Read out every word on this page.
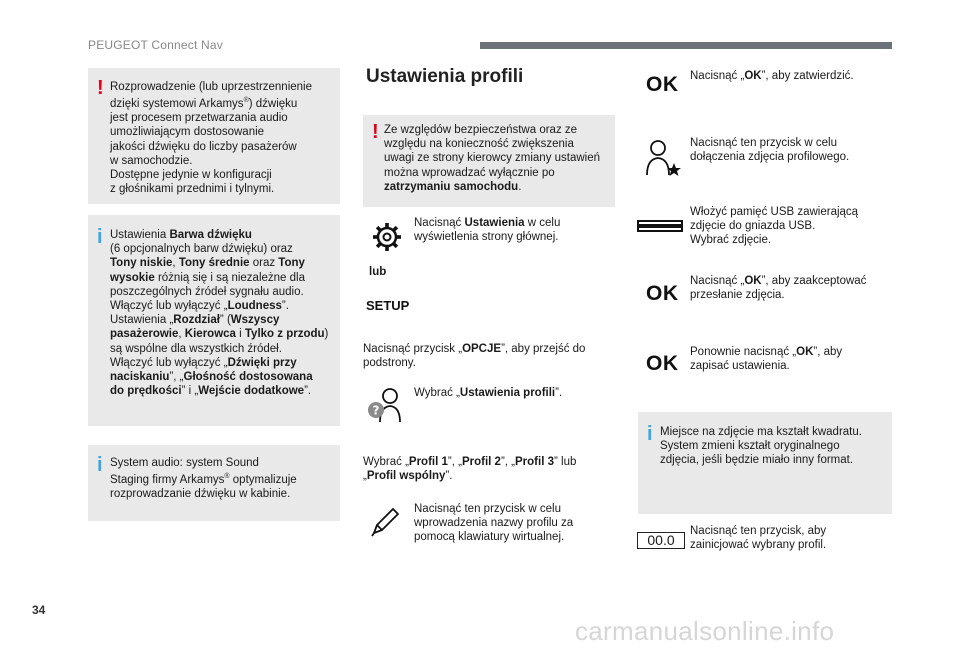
PEUGEOT Connect Nav
! Rozprowadzenie (lub uprzestrzennienie
dzięki systemowi Arkamys®) dźwięku
jest procesem przetwarzania audio
umożliwiającym dostosowanie
jakości dźwięku do liczby pasażerów
w samochodzie.
Dostępne jedynie w konfiguracji
z głośnikami przednimi i tylnymi.
i Ustawienia Barwa dźwięku
(6 opcjonalnych barw dźwięku) oraz
Tony niskie, Tony średnie oraz Tony
wysokie różnią się i są niezależne dla
poszczególnych źródeł sygnału audio.
Włączyć lub wyłączyć „Loudness”.
Ustawienia „Rozdział” (Wszyscy
pasażerowie, Kierowca i Tylko z przodu)
są wspólne dla wszystkich źródeł.
Włączyć lub wyłączyć „Dźwięki przy
naciskaniu”, „Głośność dostosowana
do prędkości” i „Wejście dodatkowe”.
i System audio: system Sound
Staging firmy Arkamys® optymalizuje
rozprowadzanie dźwięku w kabinie.
Ustawienia profili
! Ze względów bezpieczeństwa oraz ze
względu na konieczność zwiększenia
uwagi ze strony kierowcy zmiany ustawień
można wprowadzać wyłącznie po
zatrzymaniu samochodu.
Nacisnąć Ustawienia w celu
wyświetlenia strony głównej.
lub
SETUP
Nacisnąć przycisk „OPCJE”, aby przejść do
podstrony.
?
Wybrać „Ustawienia profili”.
Wybrać „Profil 1”, „Profil 2”, „Profil 3” lub
„Profil wspólny”.
Nacisnąć ten przycisk w celu
wprowadzenia nazwy profilu za
pomocą klawiatury wirtualnej.
OK Nacisnąć „OK”, aby zatwierdzić.
Nacisnąć ten przycisk w celu
dołączenia zdjęcia profilowego.
Włożyć pamięć USB zawierającą
zdjęcie do gniazda USB.
Wybrać zdjęcie.
OK
Nacisnąć „OK”, aby zaakceptować
przesłanie zdjęcia.
OK Ponownie nacisnąć „OK”, aby
zapisać ustawienia.
i Miejsce na zdjęcie ma kształt kwadratu.
System zmieni kształt oryginalnego
zdjęcia, jeśli będzie miało inny format.
00.0
Nacisnąć ten przycisk, aby
zainicjować wybrany profil.
34
carmanualsonline.info
